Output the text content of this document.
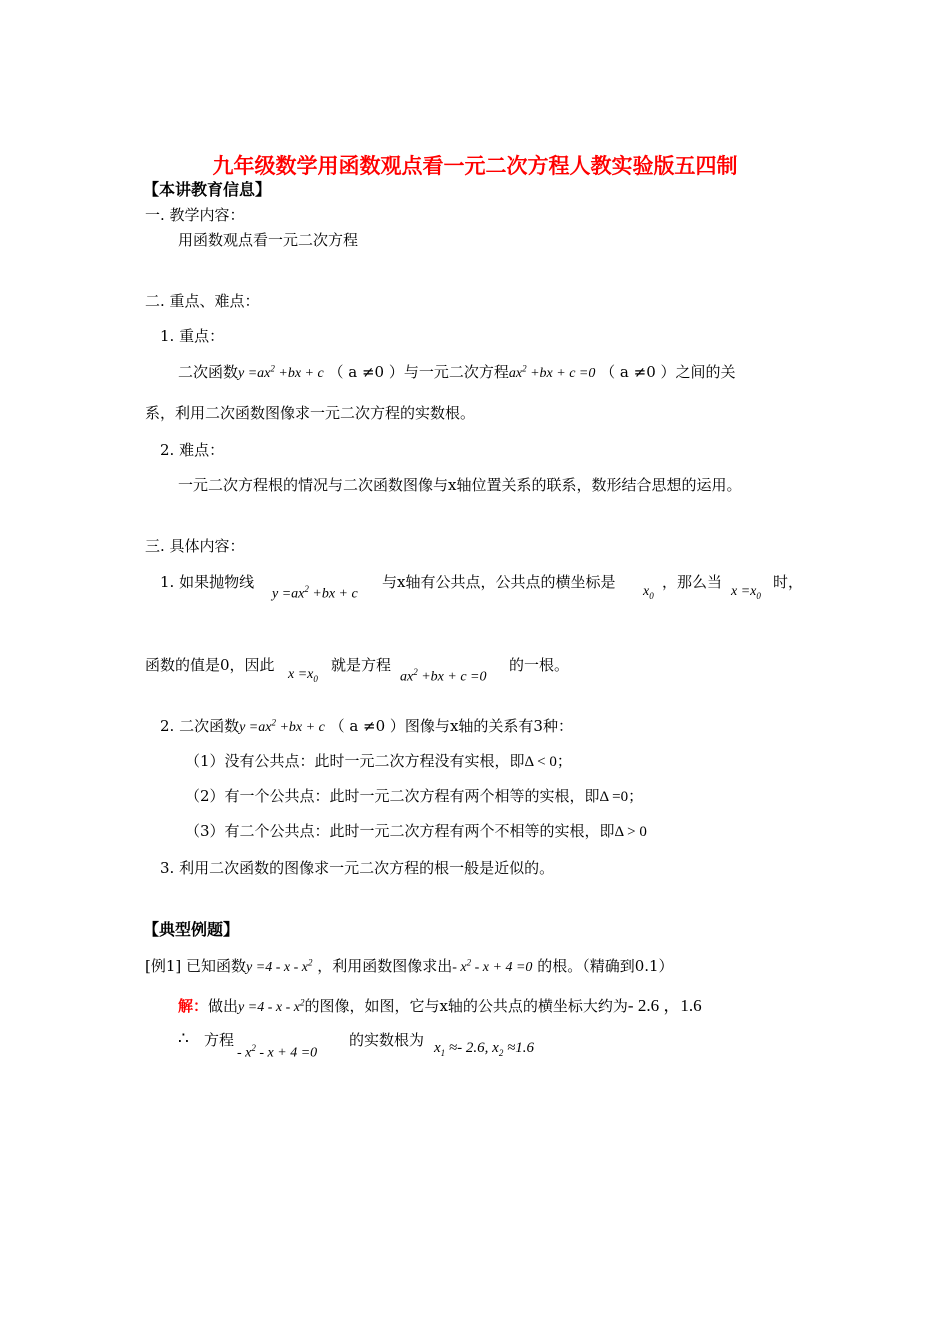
九年级数学用函数观点看一元二次方程人教实验版五四制
【本讲教育信息】
一. 教学内容：
用函数观点看一元二次方程
二. 重点、难点：
1. 重点：
二次函数$y =ax^2 +bx + c$ （ a ≠0 ）与一元二次方程$ax^2 +bx + c =0$ （ a ≠0 ）之间的关
系，利用二次函数图像求一元二次方程的实数根。
2. 难点：
一元二次方程根的情况与二次函数图像与x轴位置关系的联系，数形结合思想的运用。
三. 具体内容：
1. 如果抛物线
$y =ax^2 +bx + c$
与x轴有公共点，公共点的横坐标是
$x_0$
，那么当
$x =x_0$
时，
函数的值是0，因此
$x =x_0$
就是方程
$ax^2 +bx + c =0$
的一根。
2. 二次函数$y =ax^2 +bx + c$ （ a ≠0 ）图像与x轴的关系有3种：
（1）没有公共点：此时一元二次方程没有实根，即Δ < 0；
（2）有一个公共点：此时一元二次方程有两个相等的实根，即Δ =0；
（3）有二个公共点：此时一元二次方程有两个不相等的实根，即Δ > 0
3. 利用二次函数的图像求一元二次方程的根一般是近似的。
【典型例题】
[例1] 已知函数$y =4 - x - x^2$ ，利用函数图像求出- $x^2 - x + 4 =0$ 的根。（精确到0.1）
解：做出$y =4 - x - x^2$的图像，如图，它与x轴的公共点的横坐标大约为- 2.6 ，1.6
∴ 方程
- $x^2 - x + 4 =0$
的实数根为 $x_1 \approx- 2.6$, $x_2 \approx 1.6$
